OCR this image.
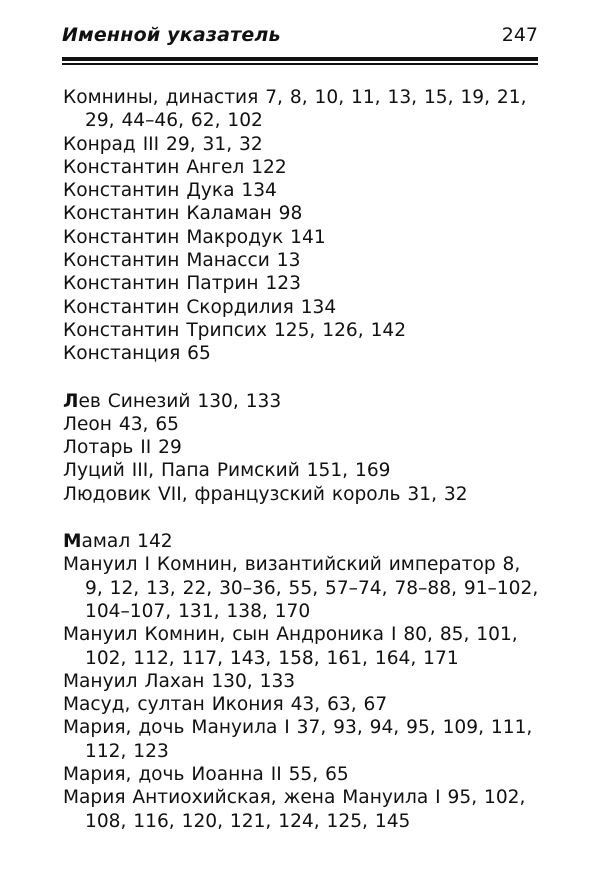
Именной указатель	247
Комнины, династия 7, 8, 10, 11, 13, 15, 19, 21, 29, 44–46, 62, 102
Конрад III 29, 31, 32
Константин Ангел 122
Константин Дука 134
Константин Каламан 98
Константин Макродук 141
Константин Манасси 13
Константин Патрин 123
Константин Скордилия 134
Константин Трипсих 125, 126, 142
Констанция 65
Лев Синезий 130, 133
Леон 43, 65
Лотарь II 29
Луций III, Папа Римский 151, 169
Людовик VII, французский король 31, 32
Мамал 142
Мануил I Комнин, византийский император 8, 9, 12, 13, 22, 30–36, 55, 57–74, 78–88, 91–102, 104–107, 131, 138, 170
Мануил Комнин, сын Андроника I 80, 85, 101, 102, 112, 117, 143, 158, 161, 164, 171
Мануил Лахан 130, 133
Масуд, султан Икония 43, 63, 67
Мария, дочь Мануила I 37, 93, 94, 95, 109, 111, 112, 123
Мария, дочь Иоанна II 55, 65
Мария Антиохийская, жена Мануила I 95, 102, 108, 116, 120, 121, 124, 125, 145
